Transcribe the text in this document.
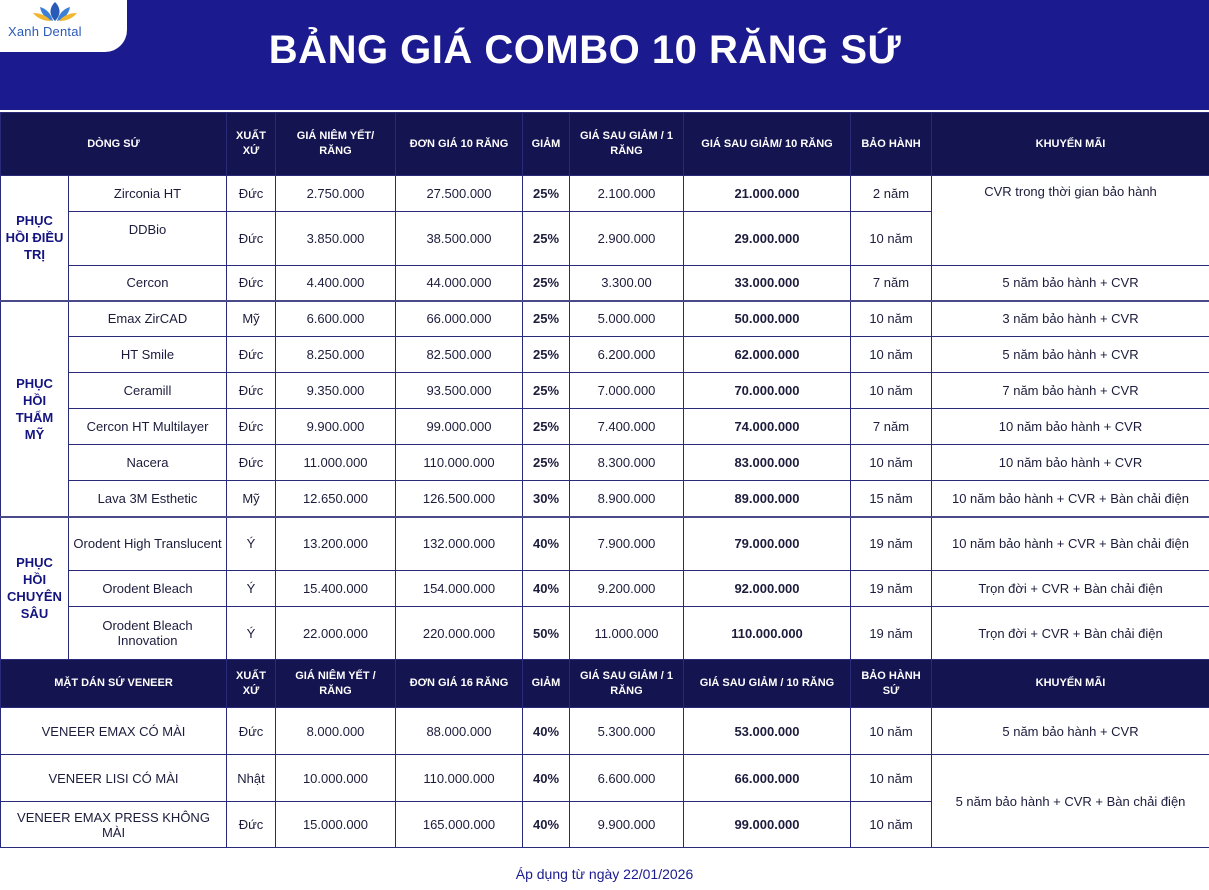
Xanh Dental	BẢNG GIÁ COMBO 10 RĂNG SỨ
DÒNG SỨ		XUẤT XỨ	GIÁ NIÊM YẾT/ RĂNG	ĐƠN GIÁ 10 RĂNG	GIẢM	GIÁ SAU GIẢM / 1 RĂNG	GIÁ SAU GIẢM/ 10 RĂNG	BẢO HÀNH	KHUYẾN MÃI
PHỤC HỒI ĐIỀU TRỊ	Zirconia HT	Đức	2.750.000	27.500.000	25%	2.100.000	21.000.000	2 năm	CVR trong thời gian bảo hành
	DDBio	Đức	3.850.000	38.500.000	25%	2.900.000	29.000.000	10 năm	
	Cercon	Đức	4.400.000	44.000.000	25%	3.300.00	33.000.000	7 năm	5 năm bảo hành + CVR
PHỤC HỒI THẨM MỸ	Emax ZirCAD	Mỹ	6.600.000	66.000.000	25%	5.000.000	50.000.000	10 năm	3 năm bảo hành + CVR
	HT Smile	Đức	8.250.000	82.500.000	25%	6.200.000	62.000.000	10 năm	5 năm bảo hành + CVR
	Ceramill	Đức	9.350.000	93.500.000	25%	7.000.000	70.000.000	10 năm	7 năm bảo hành + CVR
	Cercon HT Multilayer	Đức	9.900.000	99.000.000	25%	7.400.000	74.000.000	7 năm	10 năm bảo hành + CVR
	Nacera	Đức	11.000.000	110.000.000	25%	8.300.000	83.000.000	10 năm	10 năm bảo hành + CVR
	Lava 3M Esthetic	Mỹ	12.650.000	126.500.000	30%	8.900.000	89.000.000	15 năm	10 năm bảo hành + CVR + Bàn chải điện
PHỤC HỒI CHUYÊN SÂU	Orodent High Translucent	Ý	13.200.000	132.000.000	40%	7.900.000	79.000.000	19 năm	10 năm bảo hành + CVR + Bàn chải điện
	Orodent Bleach	Ý	15.400.000	154.000.000	40%	9.200.000	92.000.000	19 năm	Trọn đời + CVR + Bàn chải điện
	Orodent Bleach Innovation	Ý	22.000.000	220.000.000	50%	11.000.000	110.000.000	19 năm	Trọn đời + CVR + Bàn chải điện
MẶT DÁN SỨ VENEER		XUẤT XỨ	GIÁ NIÊM YẾT / RĂNG	ĐƠN GIÁ 16 RĂNG	GIẢM	GIÁ SAU GIẢM / 1 RĂNG	GIÁ SAU GIẢM / 10 RĂNG	BẢO HÀNH SỨ	KHUYẾN MÃI
VENEER EMAX CÓ MÀI		Đức	8.000.000	88.000.000	40%	5.300.000	53.000.000	10 năm	5 năm bảo hành + CVR
VENEER LISI CÓ MÀI		Nhật	10.000.000	110.000.000	40%	6.600.000	66.000.000	10 năm	5 năm bảo hành + CVR + Bàn chải điện
VENEER EMAX PRESS KHÔNG MÀI		Đức	15.000.000	165.000.000	40%	9.900.000	99.000.000	10 năm	
Áp dụng từ ngày 22/01/2026
